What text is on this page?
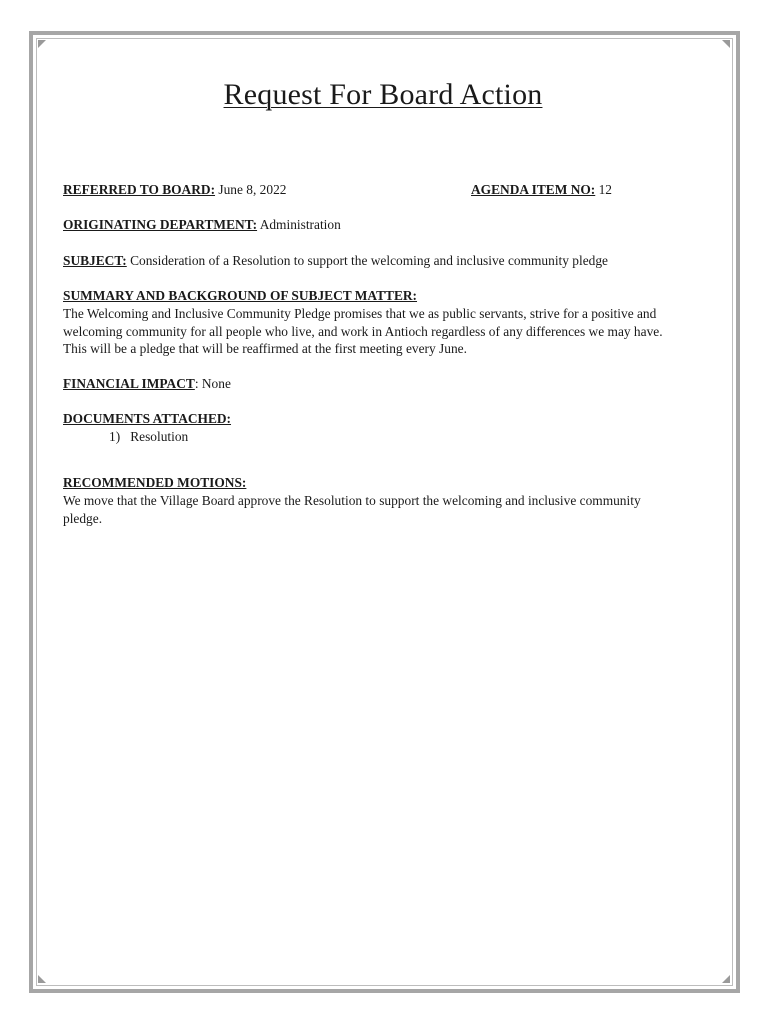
Request For Board Action
REFERRED TO BOARD: June 8, 2022	AGENDA ITEM NO: 12
ORIGINATING DEPARTMENT: Administration
SUBJECT: Consideration of a Resolution to support the welcoming and inclusive community pledge
SUMMARY AND BACKGROUND OF SUBJECT MATTER:
The Welcoming and Inclusive Community Pledge promises that we as public servants, strive for a positive and welcoming community for all people who live, and work in Antioch regardless of any differences we may have. This will be a pledge that will be reaffirmed at the first meeting every June.
FINANCIAL IMPACT: None
DOCUMENTS ATTACHED:
1)   Resolution
RECOMMENDED MOTIONS:
We move that the Village Board approve the Resolution to support the welcoming and inclusive community pledge.
